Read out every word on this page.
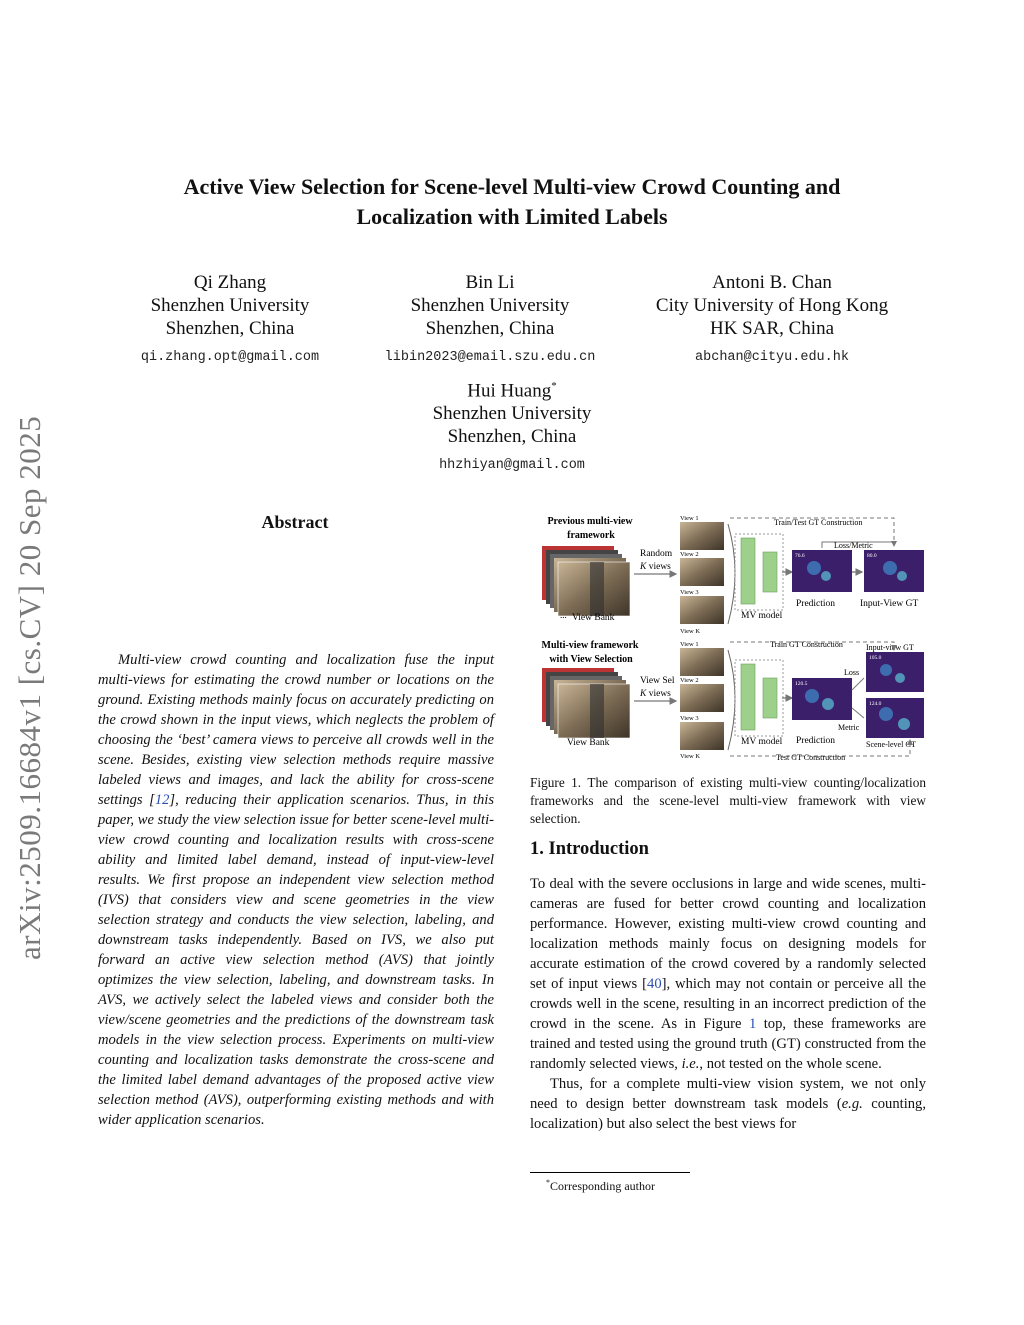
arXiv:2509.16684v1 [cs.CV] 20 Sep 2025
Active View Selection for Scene-level Multi-view Crowd Counting and
Localization with Limited Labels
Qi Zhang
Shenzhen University
Shenzhen, China
qi.zhang.opt@gmail.com
Bin Li
Shenzhen University
Shenzhen, China
libin2023@email.szu.edu.cn
Antoni B. Chan
City University of Hong Kong
HK SAR, China
abchan@cityu.edu.hk
Hui Huang*
Shenzhen University
Shenzhen, China
hhzhiyan@gmail.com
Abstract
Multi-view crowd counting and localization fuse the input multi-views for estimating the crowd number or locations on the ground. Existing methods mainly focus on accurately predicting on the crowd shown in the input views, which neglects the problem of choosing the ‘best’ camera views to perceive all crowds well in the scene. Besides, existing view selection methods require massive labeled views and images, and lack the ability for cross-scene settings [12], reducing their application scenarios. Thus, in this paper, we study the view selection issue for better scene-level multi-view crowd counting and localization results with cross-scene ability and limited label demand, instead of input-view-level results. We first propose an independent view selection method (IVS) that considers view and scene geometries in the view selection strategy and conducts the view selection, labeling, and downstream tasks independently. Based on IVS, we also put forward an active view selection method (AVS) that jointly optimizes the view selection, labeling, and downstream tasks. In AVS, we actively select the labeled views and consider both the view/scene geometries and the predictions of the downstream task models in the view selection process. Experiments on multi-view counting and localization tasks demonstrate the cross-scene and the limited label demand advantages of the proposed active view selection method (AVS), outperforming existing methods and with wider application scenarios.
Previous multi-view
framework
... View Bank
Random
K views
View 1
View 2
View 3
View K
MV model
76.6
Prediction
80.0
Input-View GT
Train/Test GT Construction
Loss/Metric
Multi-view framework
with View Selection
View Bank
View Sel
K views
View 1
View 2
View 3
View K
MV model
120.5
Prediction
105.0
Input-view GT
124.0
Scene-level GT
Loss
Metric
Train GT Construction
Test GT Construction
Figure 1. The comparison of existing multi-view counting/localization frameworks and the scene-level multi-view framework with view selection.
1. Introduction

To deal with the severe occlusions in large and wide scenes, multi-cameras are fused for better crowd counting and localization performance. However, existing multi-view crowd counting and localization methods mainly focus on designing models for accurate estimation of the crowd covered by a randomly selected set of input views [40], which may not contain or perceive all the crowds well in the scene, resulting in an incorrect prediction of the crowd in the scene. As in Figure 1 top, these frameworks are trained and tested using the ground truth (GT) constructed from the randomly selected views, i.e., not tested on the whole scene.

Thus, for a complete multi-view vision system, we not only need to design better downstream task models (e.g. counting, localization) but also select the best views for

*Corresponding author
